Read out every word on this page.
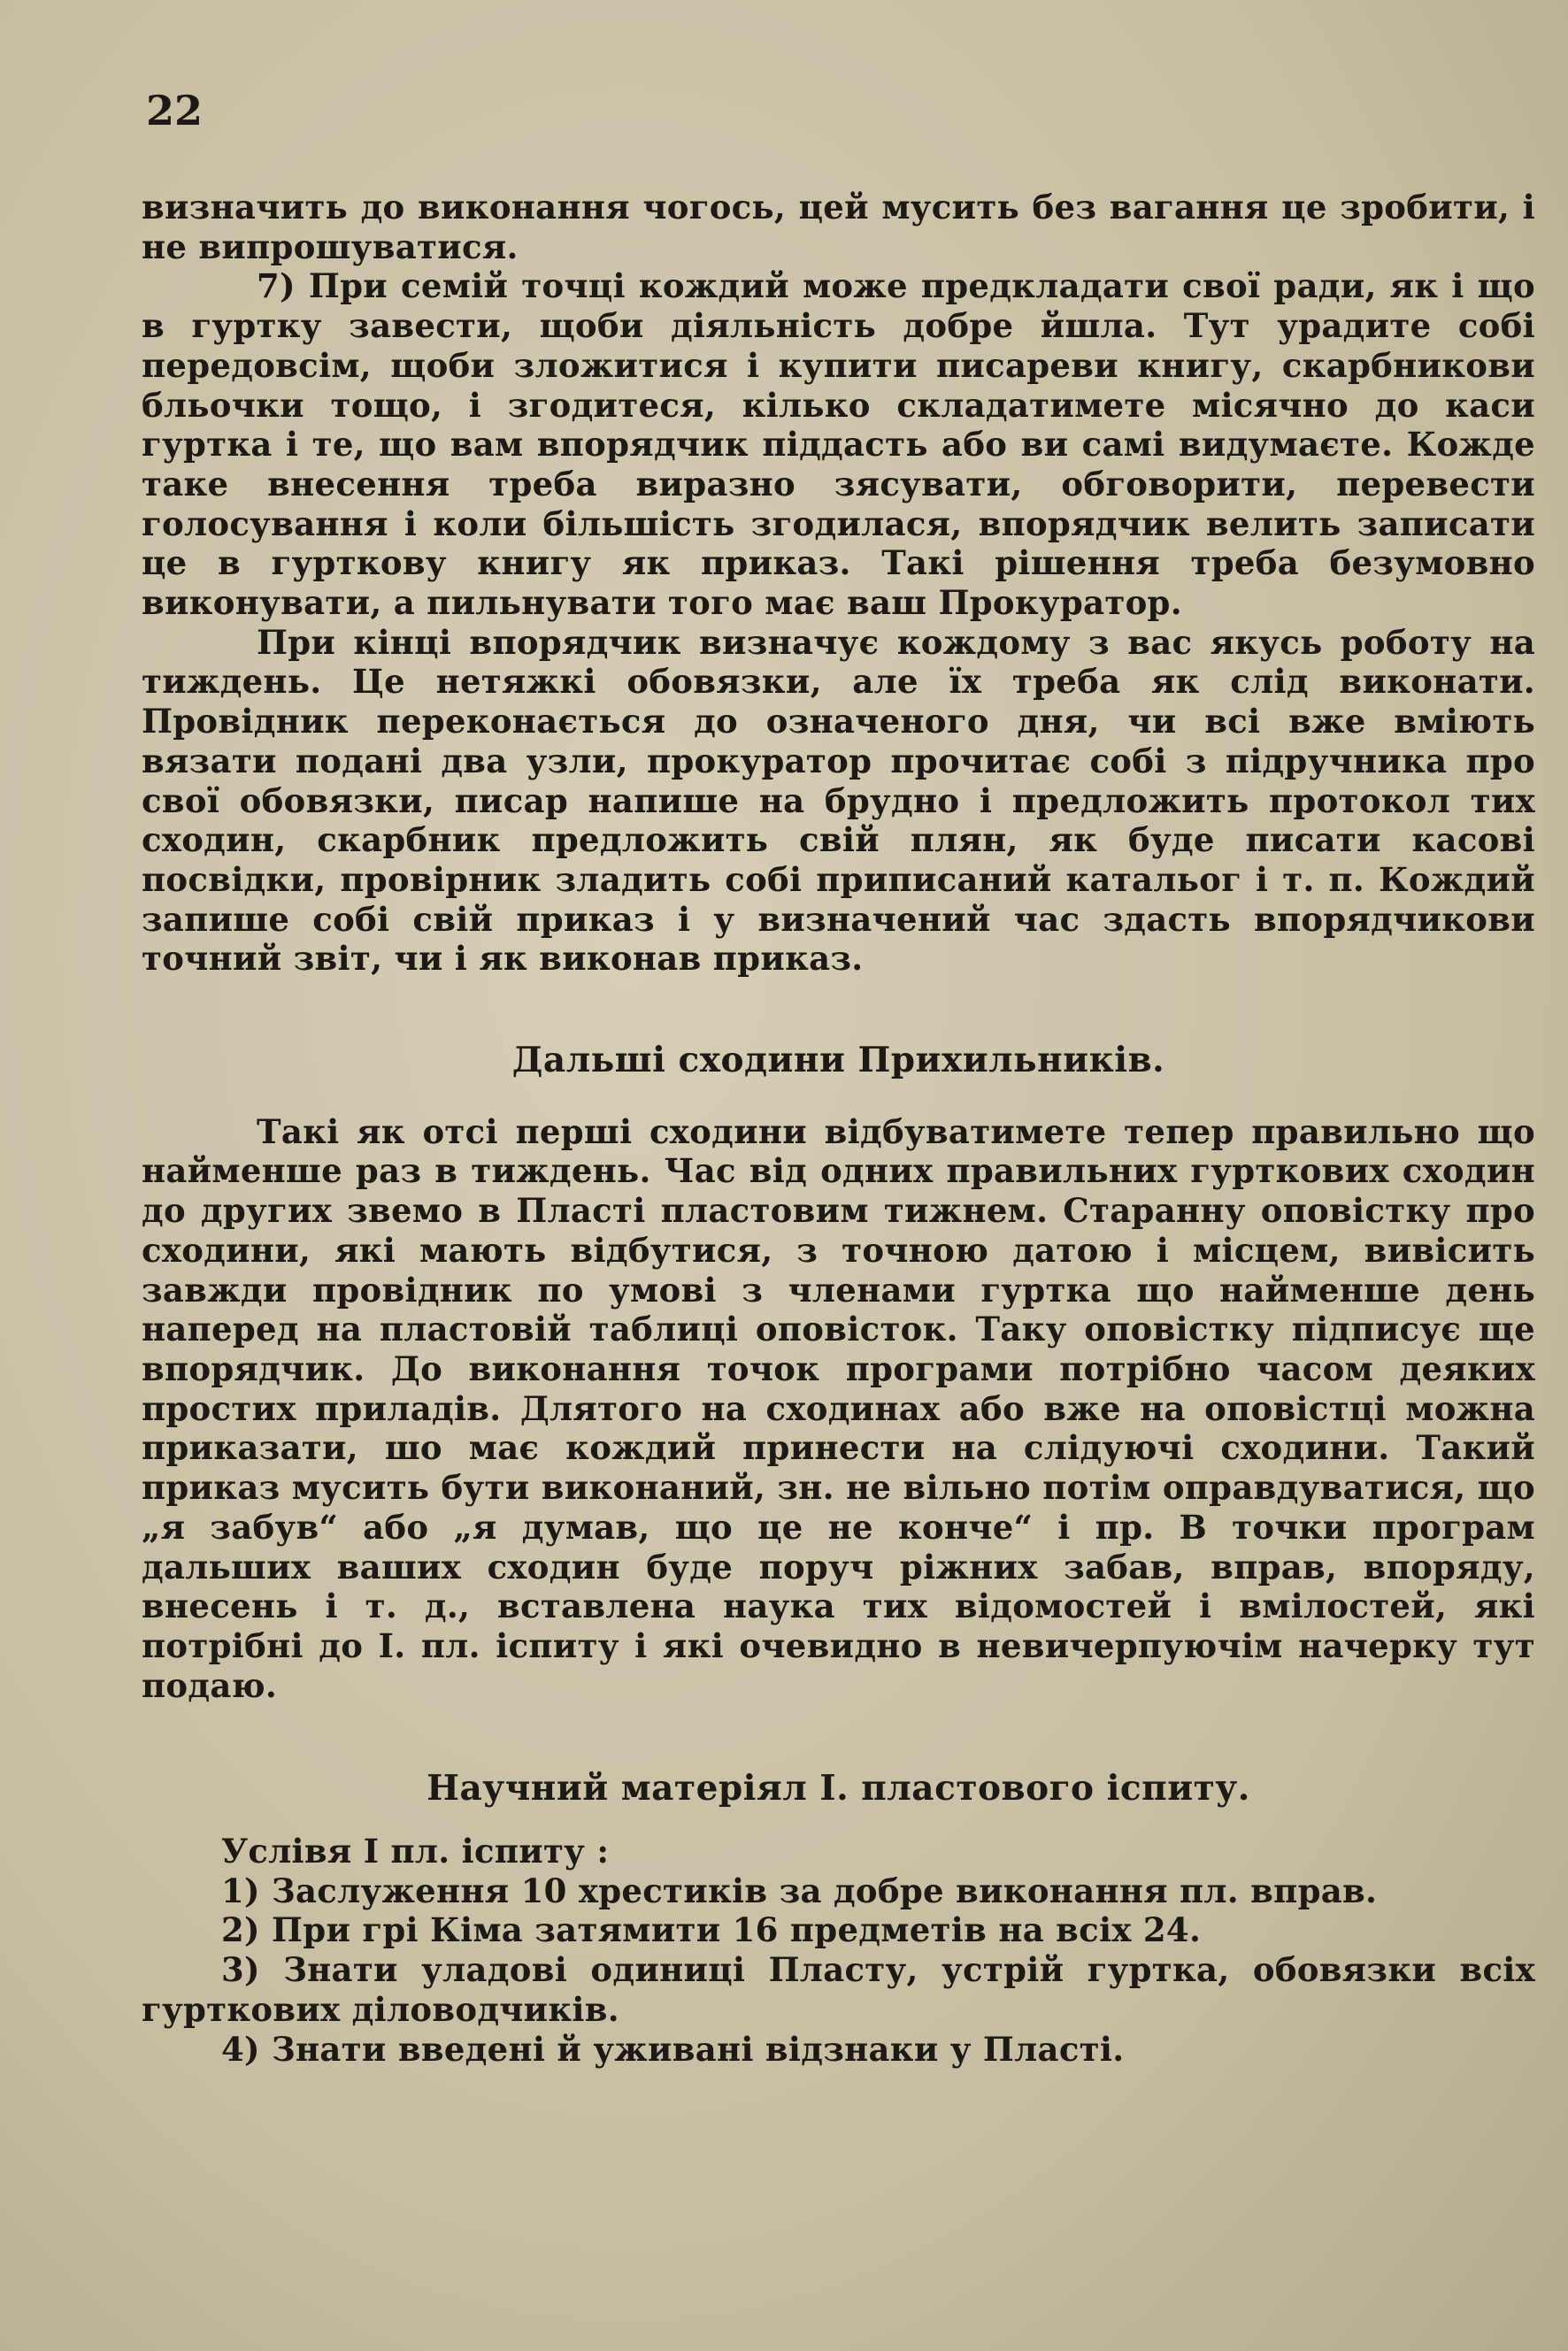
22

визначить до виконання чогось, цей мусить без вагання це зробити, і не випрошуватися.

7) При семій точці кождий може предкладати свої ради, як і що в гуртку завести, щоби діяльність добре йшла. Тут урадите собі передовсім, щоби зложитися і купити писареви книгу, скарбникови бльочки тощо, і згодитеся, кілько складатимете місячно до каси гуртка і те, що вам впорядчик піддасть або ви самі видумаєте. Кожде таке внесення треба виразно зясувати, обговорити, перевести голосування і коли більшість згодилася, впорядчик велить записати це в гурткову книгу як приказ. Такі рішення треба безумовно виконувати, а пильнувати того має ваш Прокуратор.

При кінці впорядчик визначує кождому з вас якусь роботу на тиждень. Це нетяжкі обовязки, але їх треба як слід виконати. Провідник переконається до означеного дня, чи всі вже вміють вязати подані два узли, прокуратор прочитає собі з підручника про свої обовязки, писар напише на брудно і предложить протокол тих сходин, скарбник предложить свій плян, як буде писати касові посвідки, провірник зладить собі приписаний катальог і т. п. Кождий запише собі свій приказ і у визначений час здасть впорядчикови точний звіт, чи і як виконав приказ.

Дальші сходини Прихильників.

Такі як отсі перші сходини відбуватимете тепер правильно що найменше раз в тиждень. Час від одних правильних гурткових сходин до других звемо в Пласті пластовим тижнем. Старанну оповістку про сходини, які мають відбутися, з точною датою і місцем, вивісить завжди провідник по умові з членами гуртка що найменше день наперед на пластовій таблиці оповісток. Таку оповістку підписує ще впорядчик. До виконання точок програми потрібно часом деяких простих приладів. Длятого на сходинах або вже на оповістці можна приказати, шо має кождий принести на слідуючі сходини. Такий приказ мусить бути виконаний, зн. не вільно потім оправдуватися, що „я забув“ або „я думав, що це не конче“ і пр. В точки програм дальших ваших сходин буде поруч ріжних забав, вправ, впоряду, внесень і т. д., вставлена наука тих відомостей і вмілостей, які потрібні до І. пл. іспиту і які очевидно в невичерпуючім начерку тут подаю.

Научний матеріял І. пластового іспиту.

Услівя І пл. іспиту :

1) Заслуження 10 хрестиків за добре виконання пл. вправ.

2) При грі Кіма затямити 16 предметів на всіх 24.

3) Знати уладові одиниці Пласту, устрій гуртка, обовязки всіх гурткових діловодчиків.

4) Знати введені й уживані відзнаки у Пласті.
